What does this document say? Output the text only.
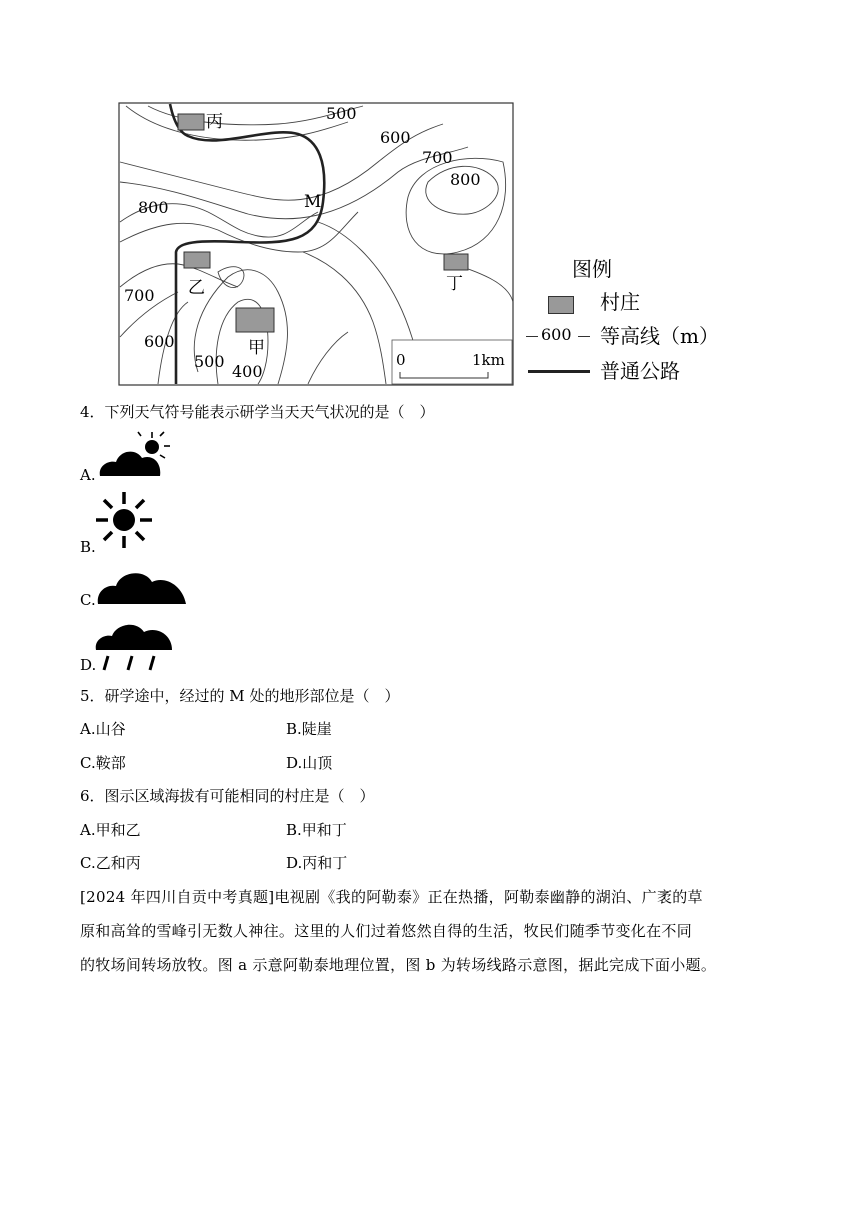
丙	500
600
700
800
800	M
乙	丁
700
600	甲
500
400
0	1km
图例
村庄
600 等高线（m）
普通公路
4．下列天气符号能表示研学当天天气状况的是（　）
A.
B.
C.
D.
5．研学途中，经过的 M 处的地形部位是（　）
A.山谷	B.陡崖
C.鞍部	D.山顶
6．图示区域海拔有可能相同的村庄是（　）
A.甲和乙	B.甲和丁
C.乙和丙	D.丙和丁
[2024 年四川自贡中考真题]电视剧《我的阿勒泰》正在热播，阿勒泰幽静的湖泊、广袤的草
原和高耸的雪峰引无数人神往。这里的人们过着悠然自得的生活，牧民们随季节变化在不同
的牧场间转场放牧。图 a 示意阿勒泰地理位置，图 b 为转场线路示意图，据此完成下面小题。
